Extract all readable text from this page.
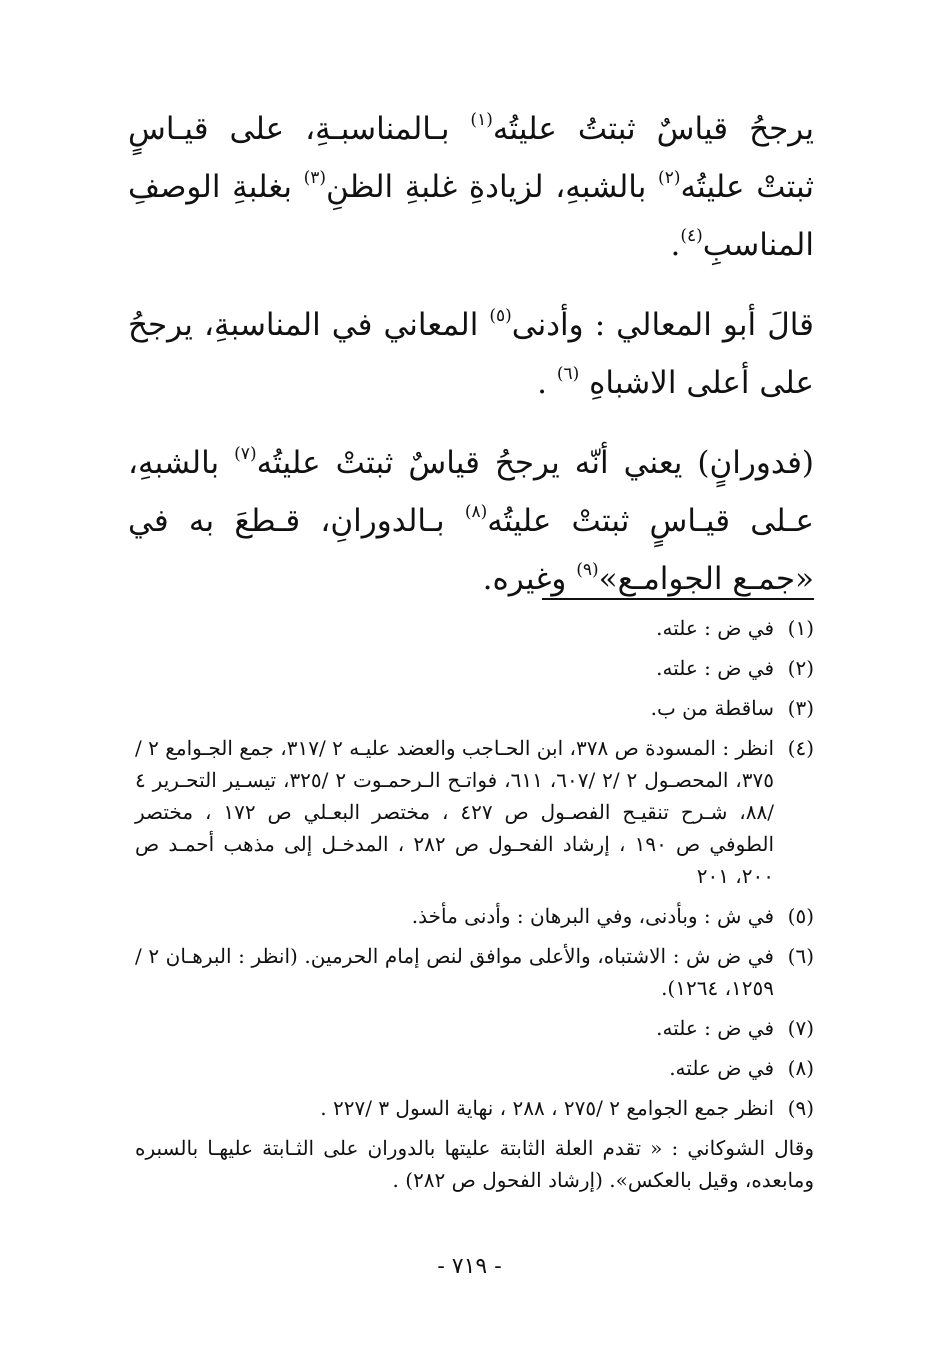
يرجحُ قياسٌ ثبتتُ عليتُه$^{(١)}$ بـالمناسبـةِ، على قيـاسٍ ثبتتْ عليتُه$^{(٢)}$ بالشبهِ، لزيادةِ غلبةِ الظنِ$^{(٣)}$ بغلبةِ الوصفِ المناسبِ$^{(٤)}$.

قالَ أبو المعالي : وأدنى$^{(٥)}$ المعاني في المناسبةِ، يرجحُ على أعلى الاشباهِ $^{(٦)}$ .

(فدورانٍ) يعني أنّه يرجحُ قياسٌ ثبتتْ عليتُه$^{(٧)}$ بالشبهِ، عـلى قيـاسٍ ثبتتْ عليتُه$^{(٨)}$ بـالدورانِ، قـطعَ به في «جمـع الجوامـع»$^{(٩)}$ وغيره.

(١)
في ض : علته.
(٢)
في ض : علته.
(٣)
ساقطة من ب.
(٤)
انظر : المسودة ص ٣٧٨، ابن الحـاجب والعضد عليـه ٢ /٣١٧، جمع الجـوامع ٢ /٣٧٥، المحصـول ٢ /٢ /٦٠٧، ٦١١، فواتـح الـرحمـوت ٢ /٣٢٥، تيسـير التحـرير ٤ /٨٨، شـرح تنقيـح الفصـول ص ٤٢٧ ، مختصر البعـلي ص ١٧٢ ، مختصر الطوفي ص ١٩٠ ، إرشاد الفحـول ص ٢٨٢ ، المدخـل إلى مذهب أحمـد ص ٢٠٠، ٢٠١
(٥)
في ش : وبأدنى، وفي البرهان : وأدنى مأخذ.
(٦)
في ض ش : الاشتباه، والأعلى موافق لنص إمام الحرمين. (انظر : البرهـان ٢ /١٢٥٩، ١٢٦٤).
(٧)
في ض : علته.
(٨)
في ض علته.
(٩)
انظر جمع الجوامع ٢ /٢٧٥ ، ٢٨٨ ، نهاية السول ٣ /٢٢٧ .
وقال الشوكاني : « تقدم العلة الثابتة عليتها بالدوران على الثـابتة عليهـا بالسبره ومابعده، وقيل بالعكس». (إرشاد الفحول ص ٢٨٢) .
- ٧١٩ -
